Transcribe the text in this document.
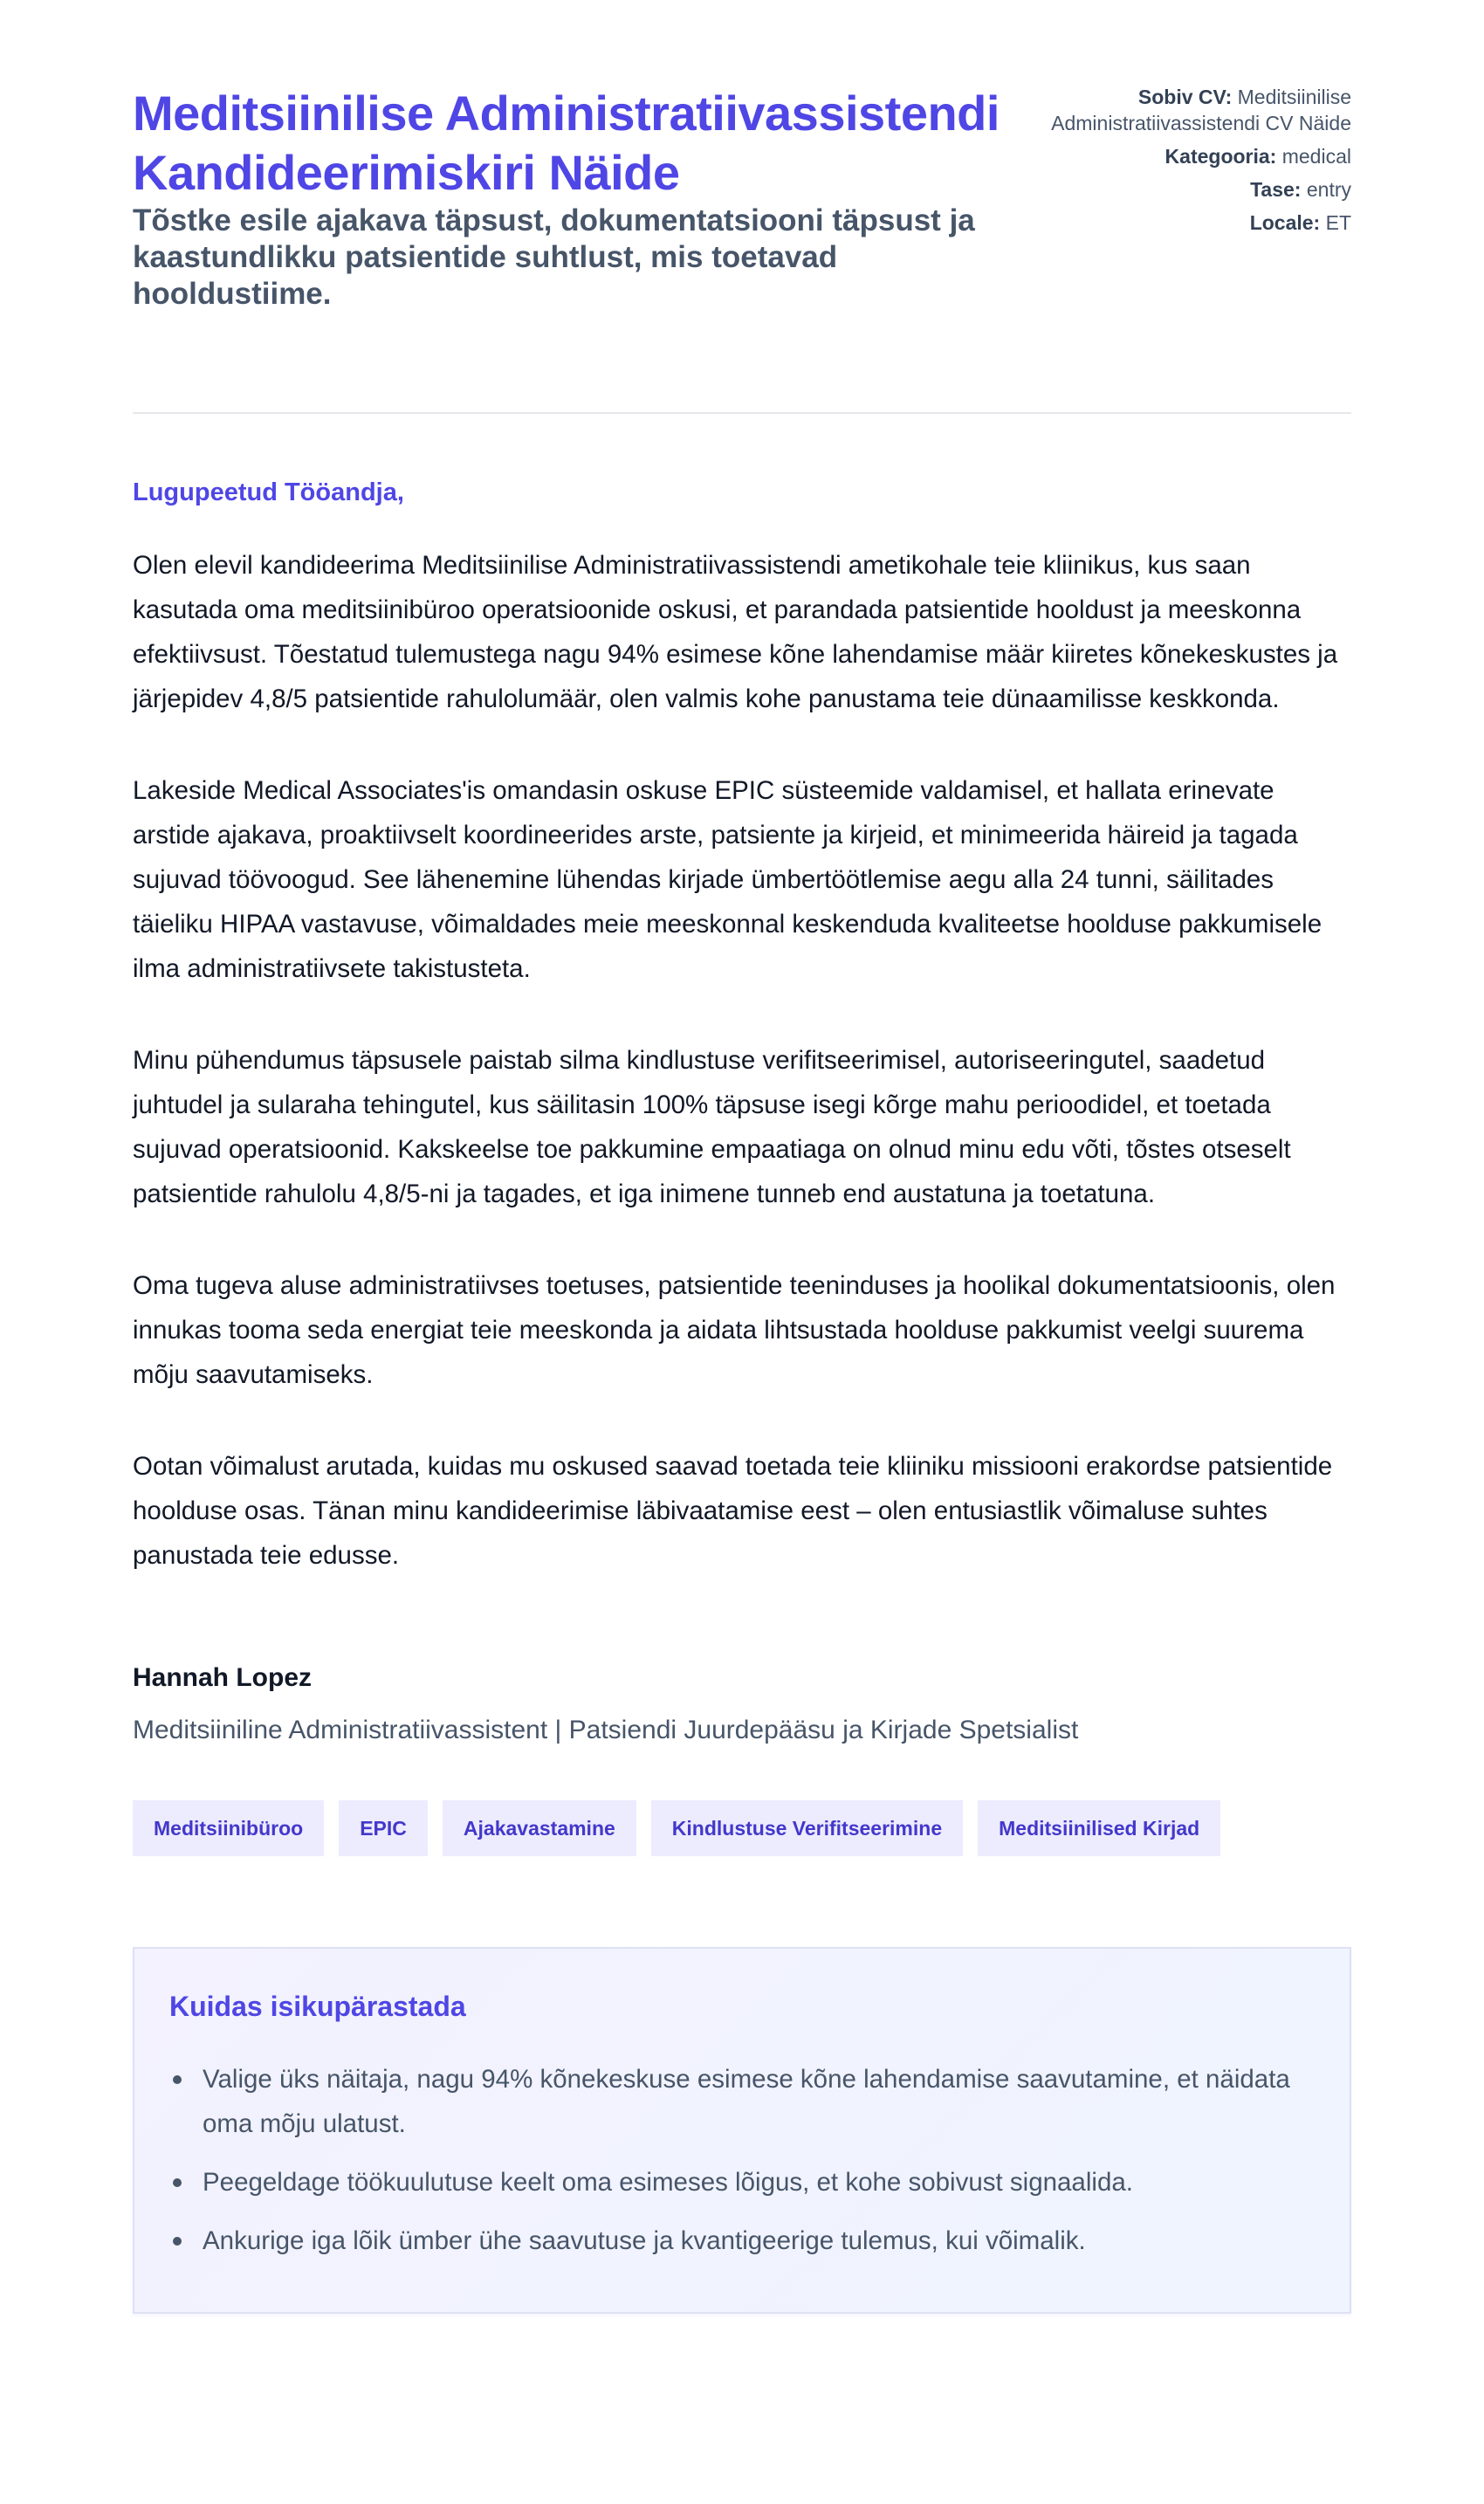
Meditsiinilise Administratiivassistendi Kandideerimiskiri Näide

Tõstke esile ajakava täpsust, dokumentatsiooni täpsust ja kaastundlikku patsientide suhtlust, mis toetavad hooldustiime.

Sobiv CV: Meditsiinilise Administratiivassistendi CV Näide
Kategooria: medical
Tase: entry
Locale: ET

Lugupeetud Tööandja,

Olen elevil kandideerima Meditsiinilise Administratiivassistendi ametikohale teie kliinikus, kus saan kasutada oma meditsiinibüroo operatsioonide oskusi, et parandada patsientide hooldust ja meeskonna efektiivsust. Tõestatud tulemustega nagu 94% esimese kõne lahendamise määr kiiretes kõnekeskustes ja järjepidev 4,8/5 patsientide rahulolumäär, olen valmis kohe panustama teie dünaamilisse keskkonda.

Lakeside Medical Associates'is omandasin oskuse EPIC süsteemide valdamisel, et hallata erinevate arstide ajakava, proaktiivselt koordineerides arste, patsiente ja kirjeid, et minimeerida häireid ja tagada sujuvad töövoogud. See lähenemine lühendas kirjade ümbertöötlemise aegu alla 24 tunni, säilitades täieliku HIPAA vastavuse, võimaldades meie meeskonnal keskenduda kvaliteetse hoolduse pakkumisele ilma administratiivsete takistusteta.

Minu pühendumus täpsusele paistab silma kindlustuse verifitseerimisel, autoriseeringutel, saadetud juhtudel ja sularaha tehingutel, kus säilitasin 100% täpsuse isegi kõrge mahu perioodidel, et toetada sujuvad operatsioonid. Kakskeelse toe pakkumine empaatiaga on olnud minu edu võti, tõstes otseselt patsientide rahulolu 4,8/5-ni ja tagades, et iga inimene tunneb end austatuna ja toetatuna.

Oma tugeva aluse administratiivses toetuses, patsientide teeninduses ja hoolikal dokumentatsioonis, olen innukas tooma seda energiat teie meeskonda ja aidata lihtsustada hoolduse pakkumist veelgi suurema mõju saavutamiseks.

Ootan võimalust arutada, kuidas mu oskused saavad toetada teie kliiniku missiooni erakordse patsientide hoolduse osas. Tänan minu kandideerimise läbivaatamise eest – olen entusiastlik võimaluse suhtes panustada teie edusse.

Hannah Lopez

Meditsiiniline Administratiivassistent | Patsiendi Juurdepääsu ja Kirjade Spetsialist

Meditsiinibüroo	EPIC	Ajakavastamine	Kindlustuse Verifitseerimine	Meditsiinilised Kirjad
Kuidas isikupärastada
Valige üks näitaja, nagu 94% kõnekeskuse esimese kõne lahendamise saavutamine, et näidata oma mõju ulatust.
Peegeldage töökuulutuse keelt oma esimeses lõigus, et kohe sobivust signaalida.
Ankurige iga lõik ümber ühe saavutuse ja kvantigeerige tulemus, kui võimalik.
